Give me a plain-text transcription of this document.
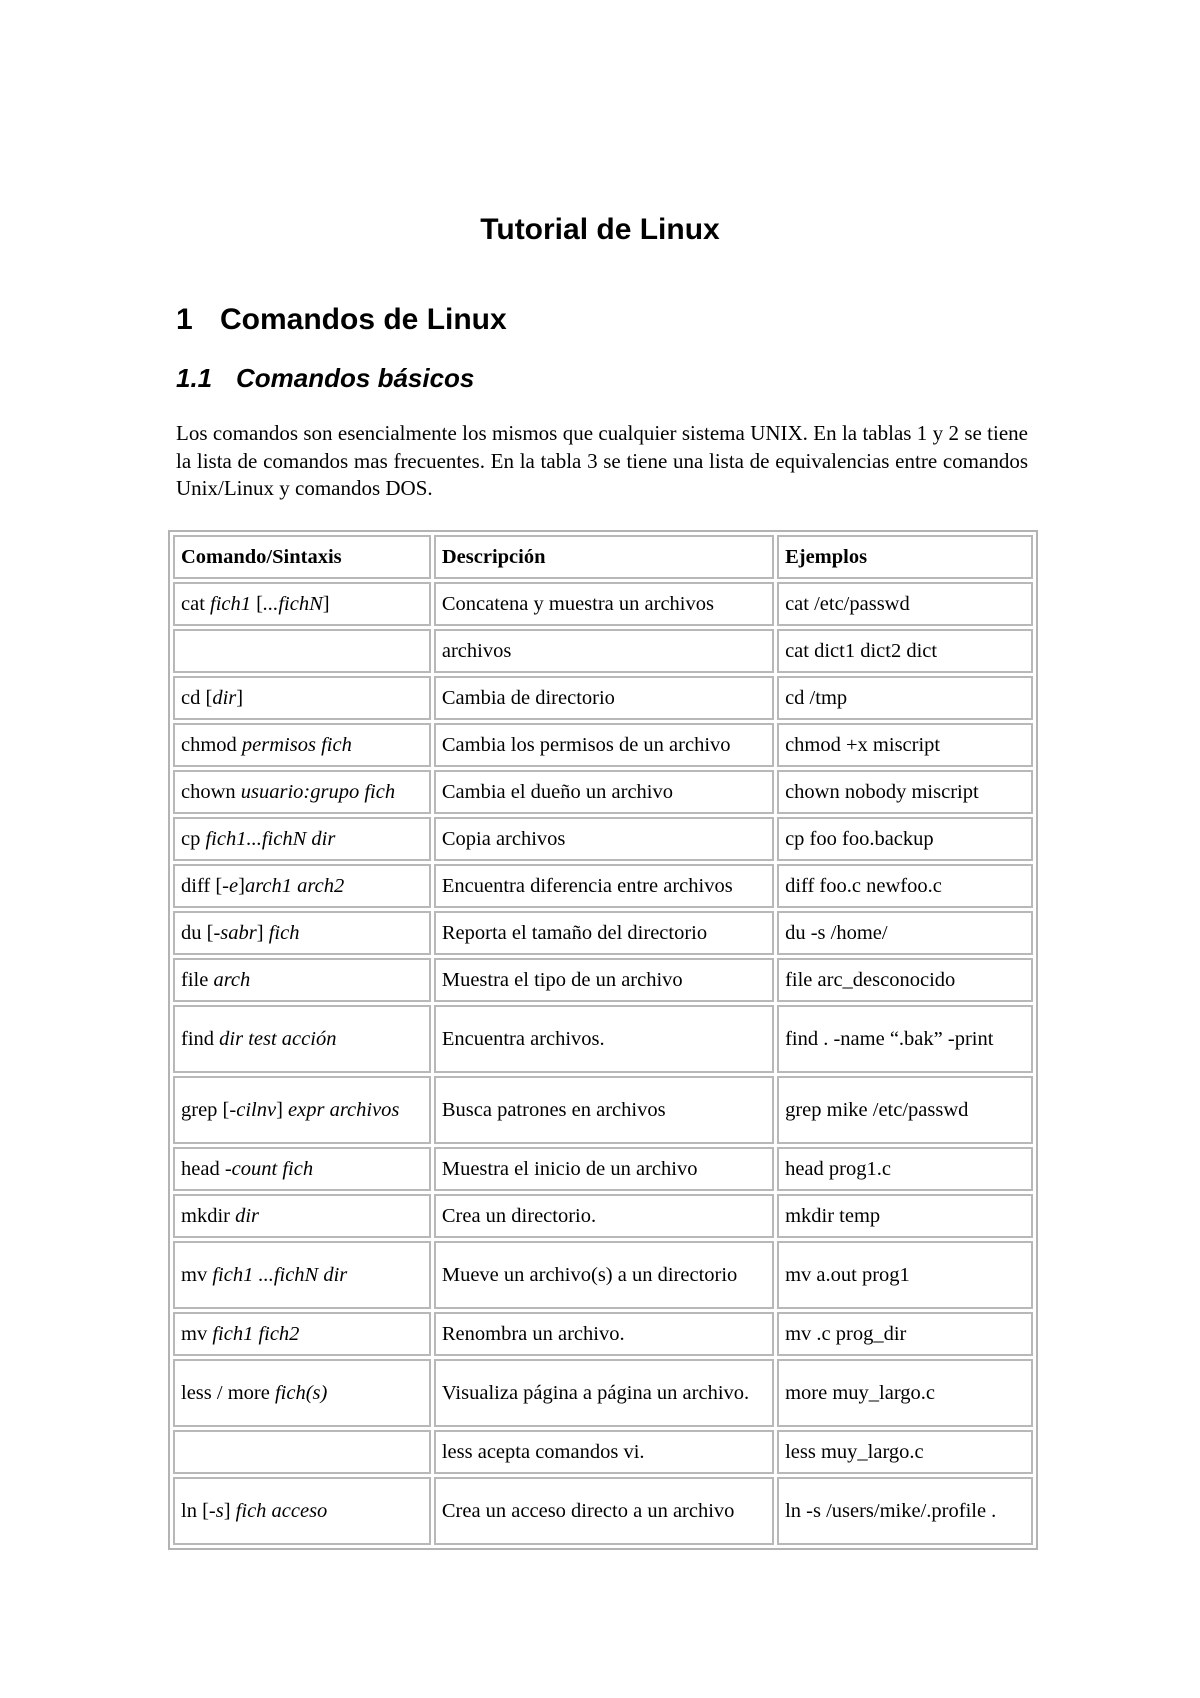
Tutorial de Linux
1 Comandos de Linux
1.1 Comandos básicos

Los comandos son esencialmente los mismos que cualquier sistema UNIX. En la tablas 1 y 2 se tiene la lista de comandos mas frecuentes. En la tabla 3 se tiene una lista de equivalencias entre comandos Unix/Linux y comandos DOS.

Comando/Sintaxis	Descripción	Ejemplos
cat fich1 [...fichN]	Concatena y muestra un archivos	cat /etc/passwd
	archivos	cat dict1 dict2 dict
cd [dir]	Cambia de directorio	cd /tmp
chmod permisos fich	Cambia los permisos de un archivo	chmod +x miscript
chown usuario:grupo fich	Cambia el dueño un archivo	chown nobody miscript
cp fich1...fichN dir	Copia archivos	cp foo foo.backup
diff [-e]arch1 arch2	Encuentra diferencia entre archivos	diff foo.c newfoo.c
du [-sabr] fich	Reporta el tamaño del directorio	du -s /home/
file arch	Muestra el tipo de un archivo	file arc_desconocido
find dir test acción	Encuentra archivos.	find . -name “.bak” -print
grep [-cilnv] expr archivos	Busca patrones en archivos	grep mike /etc/passwd
head -count fich	Muestra el inicio de un archivo	head prog1.c
mkdir dir	Crea un directorio.	mkdir temp
mv fich1 ...fichN dir	Mueve un archivo(s) a un directorio	mv a.out prog1
mv fich1 fich2	Renombra un archivo.	mv .c prog_dir
less / more fich(s)	Visualiza página a página un archivo.	more muy_largo.c
	less acepta comandos vi.	less muy_largo.c
ln [-s] fich acceso	Crea un acceso directo a un archivo	ln -s /users/mike/.profile .
